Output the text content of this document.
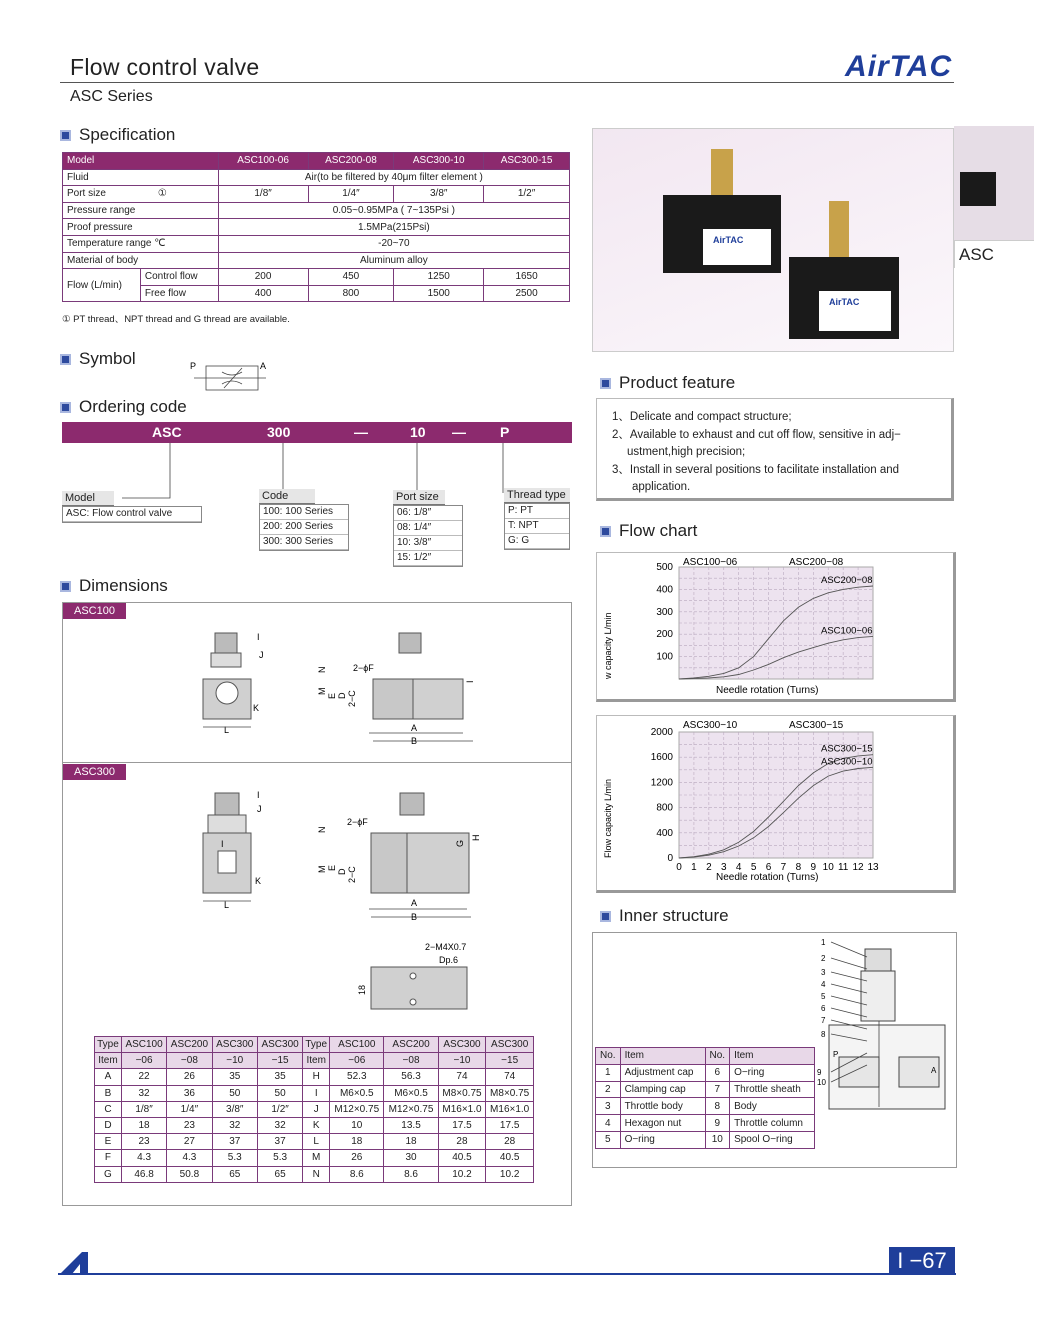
Flow control valve
ASC Series
AirTAC
Specification
Model		ASC100-06	ASC200-08	ASC300-10	ASC300-15
Fluid		Air(to be filtered by 40μm filter element )			
Port size ①		1/8″	1/4″	3/8″	1/2″
Pressure range		0.05~0.95MPa ( 7~135Psi )			
Proof pressure		1.5MPa(215Psi)			
Temperature range ℃		-20~70			
Material of body		Aluminum alloy			
Flow (L/min)	Control flow	200	450	1250	1650
	Free flow	400	800	1500	2500
① PT thread、NPT thread and G thread are available.
Symbol	P	A
Ordering code
ASC	300	—	10 — P
Model
ASC: Flow control valve
Code
100: 100 Series
200: 200 Series
300: 300 Series
Port size
06: 1/8″
08: 1/4″
10: 3/8″
15: 1/2″
Thread type
P: PT
T: NPT
G: G
Dimensions
ASC100
ASC300
I
J
K
L	A
B
2−ϕF
N
M
E D 2−C
I
I
I
J
K
L	A
B
2−ϕF
N
M E
D 2−C
G
H
2−M4X0.7
Dp.6
18
Type	ASC100	ASC200	ASC300	ASC300	Type	ASC100	ASC200	ASC300	ASC300
Item	−06	−08	−10	−15	Item	−06	−08	−10	−15
A	22	26	35	35	H	52.3	56.3	74	74
B	32	36	50	50	I	M6×0.5	M6×0.5	M8×0.75	M8×0.75
C	1/8″	1/4″	3/8″	1/2″	J	M12×0.75	M12×0.75	M16×1.0	M16×1.0
D	18	23	32	32	K	10	13.5	17.5	17.5
E	23	27	37	37	L	18	18	28	28
F	4.3	4.3	5.3	5.3	M	26	30	40.5	40.5
G	46.8	50.8	65	65	N	8.6	8.6	10.2	10.2
AirTAC
AirTAC
ASC
Product feature
1、Delicate and compact structure;
2、Available to exhaust and cut off flow, sensitive in adj−
ustment,high precision;
3、Install in several positions to facilitate installation and
application.
Flow chart
500
400
300
200
100
Needle rotation (Turns)
w capacity L/min
ASC100−06	ASC200−08
ASC200−08
ASC100−06
2000
1600
1200
800
400
0
0 1 2 3 4 5 6 7 8 9 10 11 12 13
Needle rotation (Turns)
Flow capacity L/min
ASC300−10	ASC300−15
ASC300−15
ASC300−10
Inner structure
No.	Item	No.	Item
1	Adjustment cap	6	O−ring
2	Clamping cap	7	Throttle sheath
3	Throttle body	8	Body
4	Hexagon nut	9	Throttle column
5	O−ring	10	Spool O−ring
P
A
1
2
3
4
5
6
7
8
9
10
I −67
